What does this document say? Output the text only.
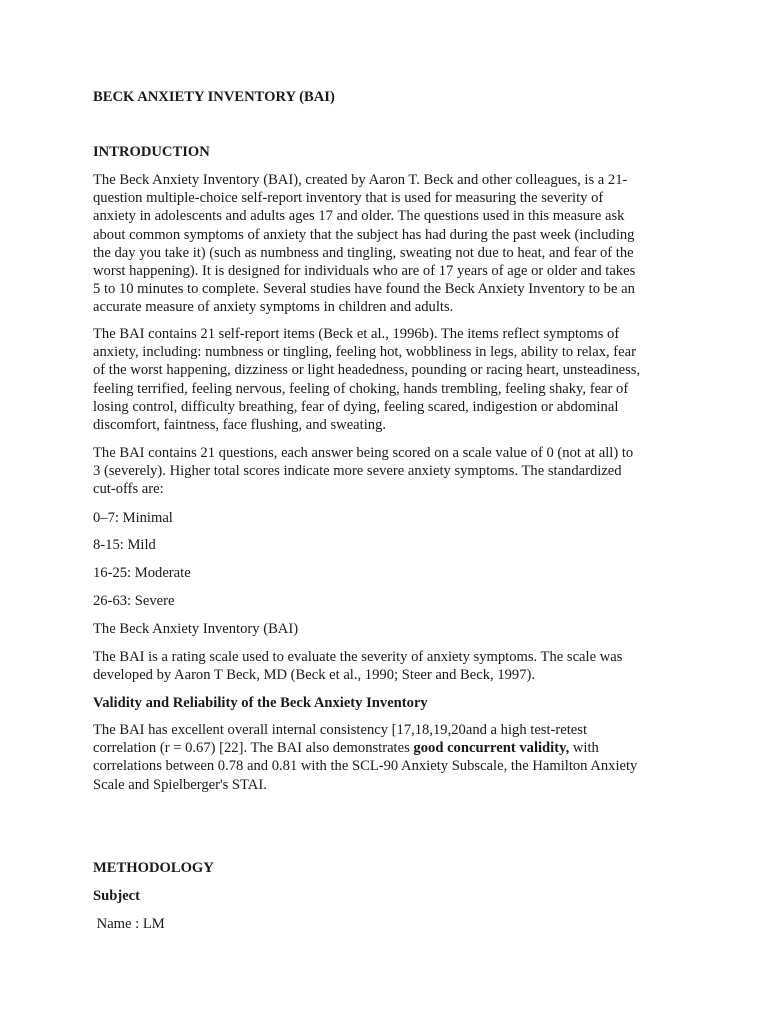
BECK ANXIETY INVENTORY (BAI)
INTRODUCTION
The Beck Anxiety Inventory (BAI), created by Aaron T. Beck and other colleagues, is a 21-
question multiple-choice self-report inventory that is used for measuring the severity of
anxiety in adolescents and adults ages 17 and older. The questions used in this measure ask
about common symptoms of anxiety that the subject has had during the past week (including
the day you take it) (such as numbness and tingling, sweating not due to heat, and fear of the
worst happening). It is designed for individuals who are of 17 years of age or older and takes
5 to 10 minutes to complete. Several studies have found the Beck Anxiety Inventory to be an
accurate measure of anxiety symptoms in children and adults.
The BAI contains 21 self-report items (Beck et al., 1996b). The items reflect symptoms of
anxiety, including: numbness or tingling, feeling hot, wobbliness in legs, ability to relax, fear
of the worst happening, dizziness or light headedness, pounding or racing heart, unsteadiness,
feeling terrified, feeling nervous, feeling of choking, hands trembling, feeling shaky, fear of
losing control, difficulty breathing, fear of dying, feeling scared, indigestion or abdominal
discomfort, faintness, face flushing, and sweating.
The BAI contains 21 questions, each answer being scored on a scale value of 0 (not at all) to
3 (severely). Higher total scores indicate more severe anxiety symptoms. The standardized
cut-offs are:
0–7: Minimal
8-15: Mild
16-25: Moderate
26-63: Severe
The Beck Anxiety Inventory (BAI)
The BAI is a rating scale used to evaluate the severity of anxiety symptoms. The scale was
developed by Aaron T Beck, MD (Beck et al., 1990; Steer and Beck, 1997).
Validity and Reliability of the Beck Anxiety Inventory
The BAI has excellent overall internal consistency [17,18,19,20and a high test-retest
correlation (r = 0.67) [22]. The BAI also demonstrates good concurrent validity, with
correlations between 0.78 and 0.81 with the SCL-90 Anxiety Subscale, the Hamilton Anxiety
Scale and Spielberger's STAI.
METHODOLOGY
Subject
Name : LM
